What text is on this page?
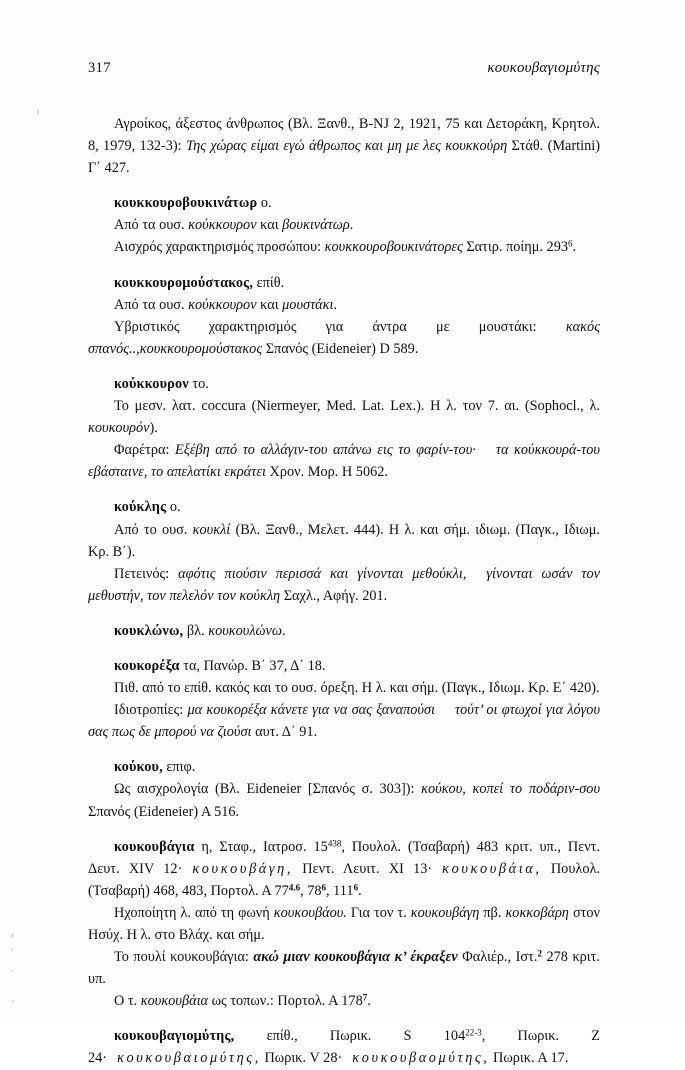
317	κουκουβαγιομύτης

Αγροίκος, άξεστος άνθρωπος (Βλ. Ξανθ., B-NJ 2, 1921, 75 και Δετοράκη, Κρητολ. 8, 1979, 132-3): Της χώρας είμαι εγώ άθρωπος και μη με λες κουκκούρη Στάθ. (Martini) Γ΄ 427.

κουκκουροβουκινάτωρ ο.

Από τα ουσ. κούκκουρον και βουκινάτωρ.

Αισχρός χαρακτηρισμός προσώπου: κουκκουροβουκινάτορες Σατιρ. ποίημ. $293^6$.

κουκκουρομούστακος, επίθ.

Από τα ουσ. κούκκουρον και μουστάκι.

Υβριστικός χαρακτηρισμός για άντρα με μουστάκι: κακός σπανός..,κουκκουρομούστακος Σπανός (Eideneier) D 589.

κούκκουρον το.

Το μεσν. λατ. coccura (Niermeyer, Med. Lat. Lex.). Η λ. τον 7. αι. (Sophocl., λ. κουκουρόν).

Φαρέτρα: Εξέβη από το αλλάγιν-του απάνω εις το φαρίν-του· τα κούκκουρά-του εβάσταινε, το απελατίκι εκράτει Χρον. Μορ. Η 5062.

κούκλης ο.

Από το ουσ. κουκλί (Βλ. Ξανθ., Μελετ. 444). Η λ. και σήμ. ιδιωμ. (Παγκ., Ιδιωμ. Κρ. Β΄).

Πετεινός: αφότις πιούσιν περισσά και γίνονται μεθούκλι, γίνονται ωσάν τον μεθυστήν, τον πελελόν τον κούκλη Σαχλ., Αφήγ. 201.

κουκλώνω, βλ. κουκουλώνω.

κουκορέξα τα, Πανώρ. Β΄ 37, Δ΄ 18.

Πιθ. από το επίθ. κακός και το ουσ. όρεξη. Η λ. και σήμ. (Παγκ., Ιδιωμ. Κρ. Ε΄ 420).

Ιδιοτροπίες: μα κουκορέξα κάνετε για να σας ξαναπούσι τούτ’ οι φτωχοί για λόγου σας πως δε μπορού να ζιούσι αυτ. Δ΄ 91.

κούκου, επιφ.

Ως αισχρολογία (Βλ. Eideneier [Σπανός σ. 303]): κούκου, κοπεί το ποδάριν-σου Σπανός (Eideneier) Α 516.

κουκουβάγια η, Σταφ., Ιατροσ. $15^{438}$, Πουλολ. (Τσαβαρή) 483 κριτ. υπ., Πεντ. Δευτ. XIV 12· κουκουβάγη, Πεντ. Λευιτ. XI 13· κουκουβάια, Πουλολ. (Τσαβαρή) 468, 483, Πορτολ. Α $77^{4.6}$, $78^6$, $111^6$.

Ηχοποίητη λ. από τη φωνή κουκουβάου. Για τον τ. κουκουβάγη πβ. κοκκοβάρη στον Ησύχ. Η λ. στο Βλάχ. και σήμ.

Το πουλί κουκουβάγια: ακώ μιαν κουκουβάγια κ’ έκραξεν Φαλιέρ., Ιστ.$^2$ 278 κριτ. υπ.

Ο τ. κουκουβάια ως τοπων.: Πορτολ. Α $178^7$.

κουκουβαγιομύτης, επίθ., Πωρικ. S 104$^{22-3}$, Πωρικ. Ζ 24· κουκουβαιομύτης, Πωρικ. V 28· κουκουβαομύτης, Πωρικ. Α 17.
